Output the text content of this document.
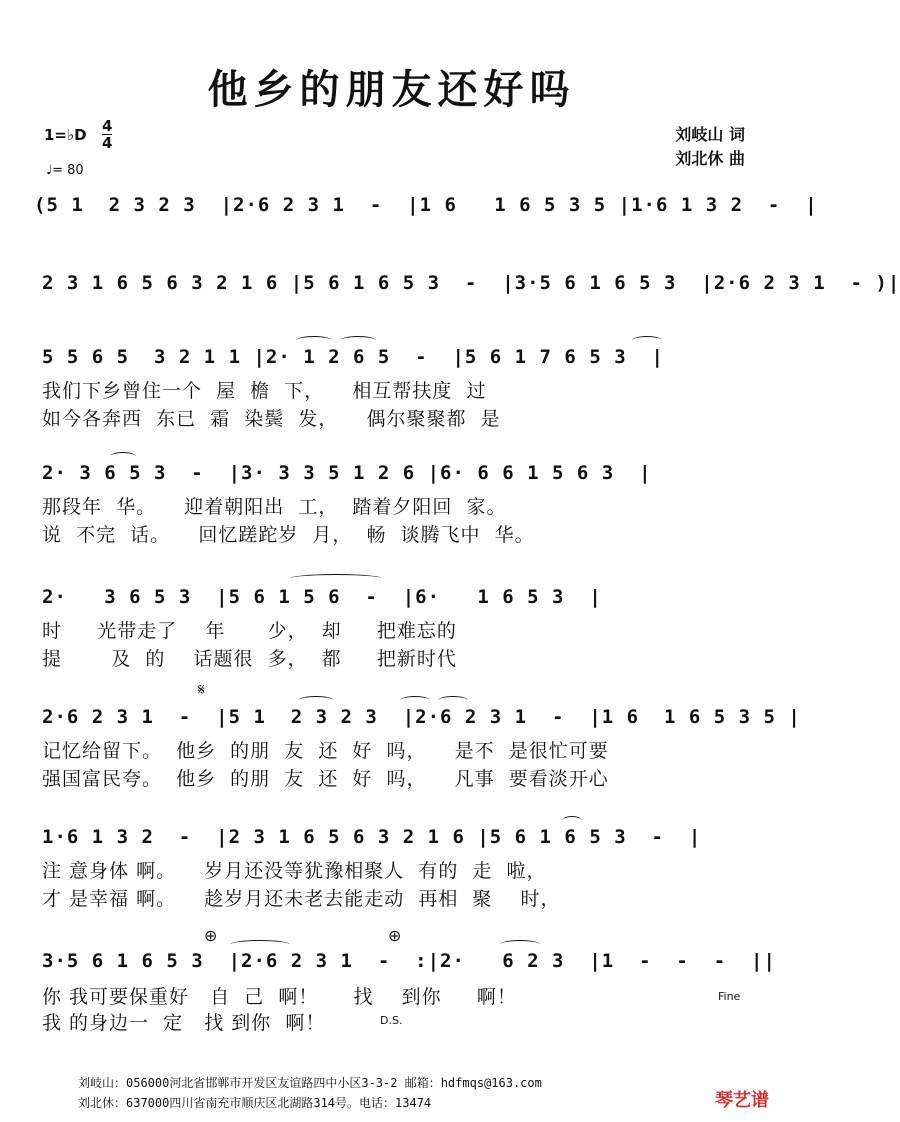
他乡的朋友还好吗
1=♭D 4
4
♩= 80
刘岐山 词
刘北休 曲
(5 1  2 3 2 3  |2·6 2 3 1  -  |1 6   1 6 5 3 5 |1·6 1 3 2  -  |
2 3 1 6 5 6 3 2 1 6 |5 6 1 6 5 3  -  |3·5 6 1 6 5 3  |2·6 2 3 1  - )|
5 5 6 5  3 2 1 1 |2· 1 2 6 5  -  |5 6 1 7 6 5 3  |
我们下乡曾住一个  屋  檐  下，    相互帮扶度  过
如今各奔西  东已  霜  染鬓  发，    偶尔聚聚都  是
2· 3 6 5 3  -  |3· 3 3 5 1 2 6 |6· 6 6 1 5 6 3  |
那段年  华。    迎着朝阳出  工，  踏着夕阳回  家。
说  不完  话。    回忆蹉跎岁  月，  畅  谈腾飞中  华。
2·   3 6 5 3  |5 6 1 5 6  -  |6·   1 6 5 3  |
时     光带走了    年      少，  却     把难忘的
提       及  的    话题很  多，  都     把新时代
𝄋
2·6 2 3 1  -  |5 1  2 3 2 3  |2·6 2 3 1  -  |1 6  1 6 5 3 5 |
记忆给留下。  他乡  的朋  友  还  好  吗，    是不  是很忙可要
强国富民夸。  他乡  的朋  友  还  好  吗，    凡事  要看淡开心
1·6 1 3 2  -  |2 3 1 6 5 6 3 2 1 6 |5 6 1 6 5 3  -  |
注 意身体 啊。    岁月还没等犹豫相聚人  有的  走  啦，
才 是幸福 啊。    趁岁月还未老去能走动  再相  聚    时，
⊕	⊕
3·5 6 1 6 5 3  |2·6 2 3 1  -  :|2·   6 2 3  |1  -  -  -  ||
你 我可要保重好   自  己  啊！     找    到你     啊！
我 的身边一  定   找 到你  啊！
Fine
D.S.
刘岐山：056000河北省邯郸市开发区友谊路四中小区3-3-2 邮箱：hdfmqs@163.com
刘北休：637000四川省南充市顺庆区北湖路314号。电话：13474	琴艺谱
